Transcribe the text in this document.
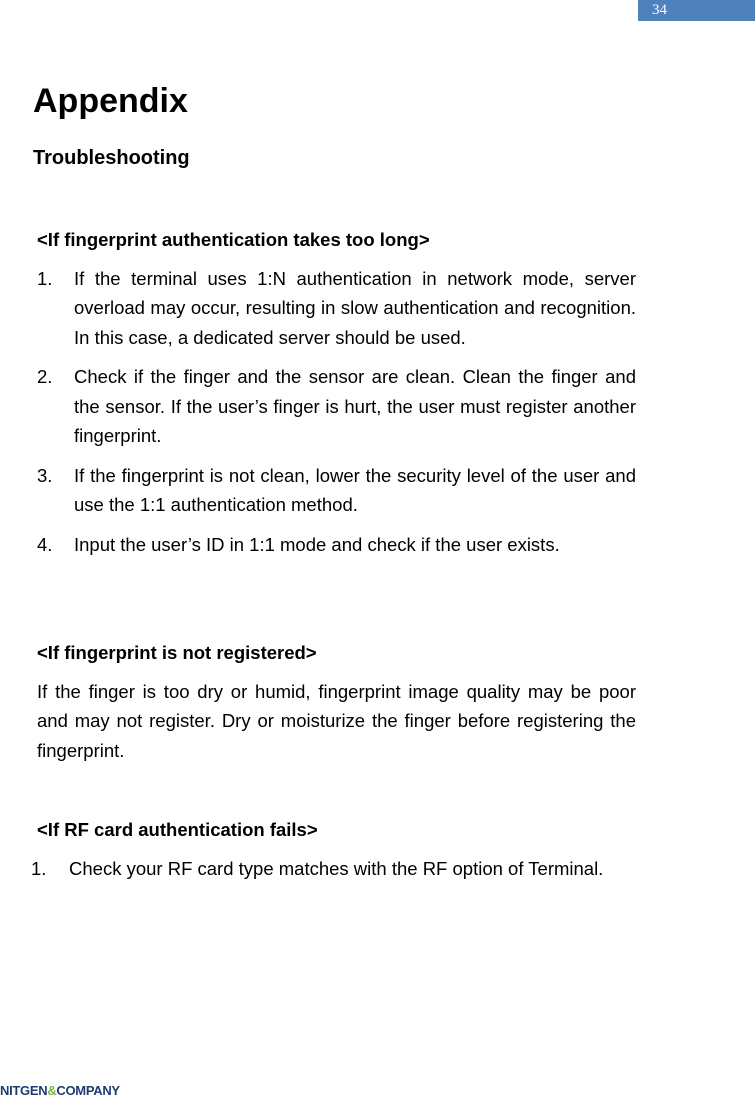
34
Appendix
Troubleshooting

<If fingerprint authentication takes too long>

1. If the terminal uses 1:N authentication in network mode, server overload may occur, resulting in slow authentication and recognition. In this case, a dedicated server should be used.
2. Check if the finger and the sensor are clean. Clean the finger and the sensor. If the user’s finger is hurt, the user must register another fingerprint.
3. If the fingerprint is not clean, lower the security level of the user and use the 1:1 authentication method.
4. Input the user’s ID in 1:1 mode and check if the user exists.

<If fingerprint is not registered>

If the finger is too dry or humid, fingerprint image quality may be poor and may not register. Dry or moisturize the finger before registering the fingerprint.

<If RF card authentication fails>

1. Check your RF card type matches with the RF option of Terminal.
NITGEN&COMPANY
